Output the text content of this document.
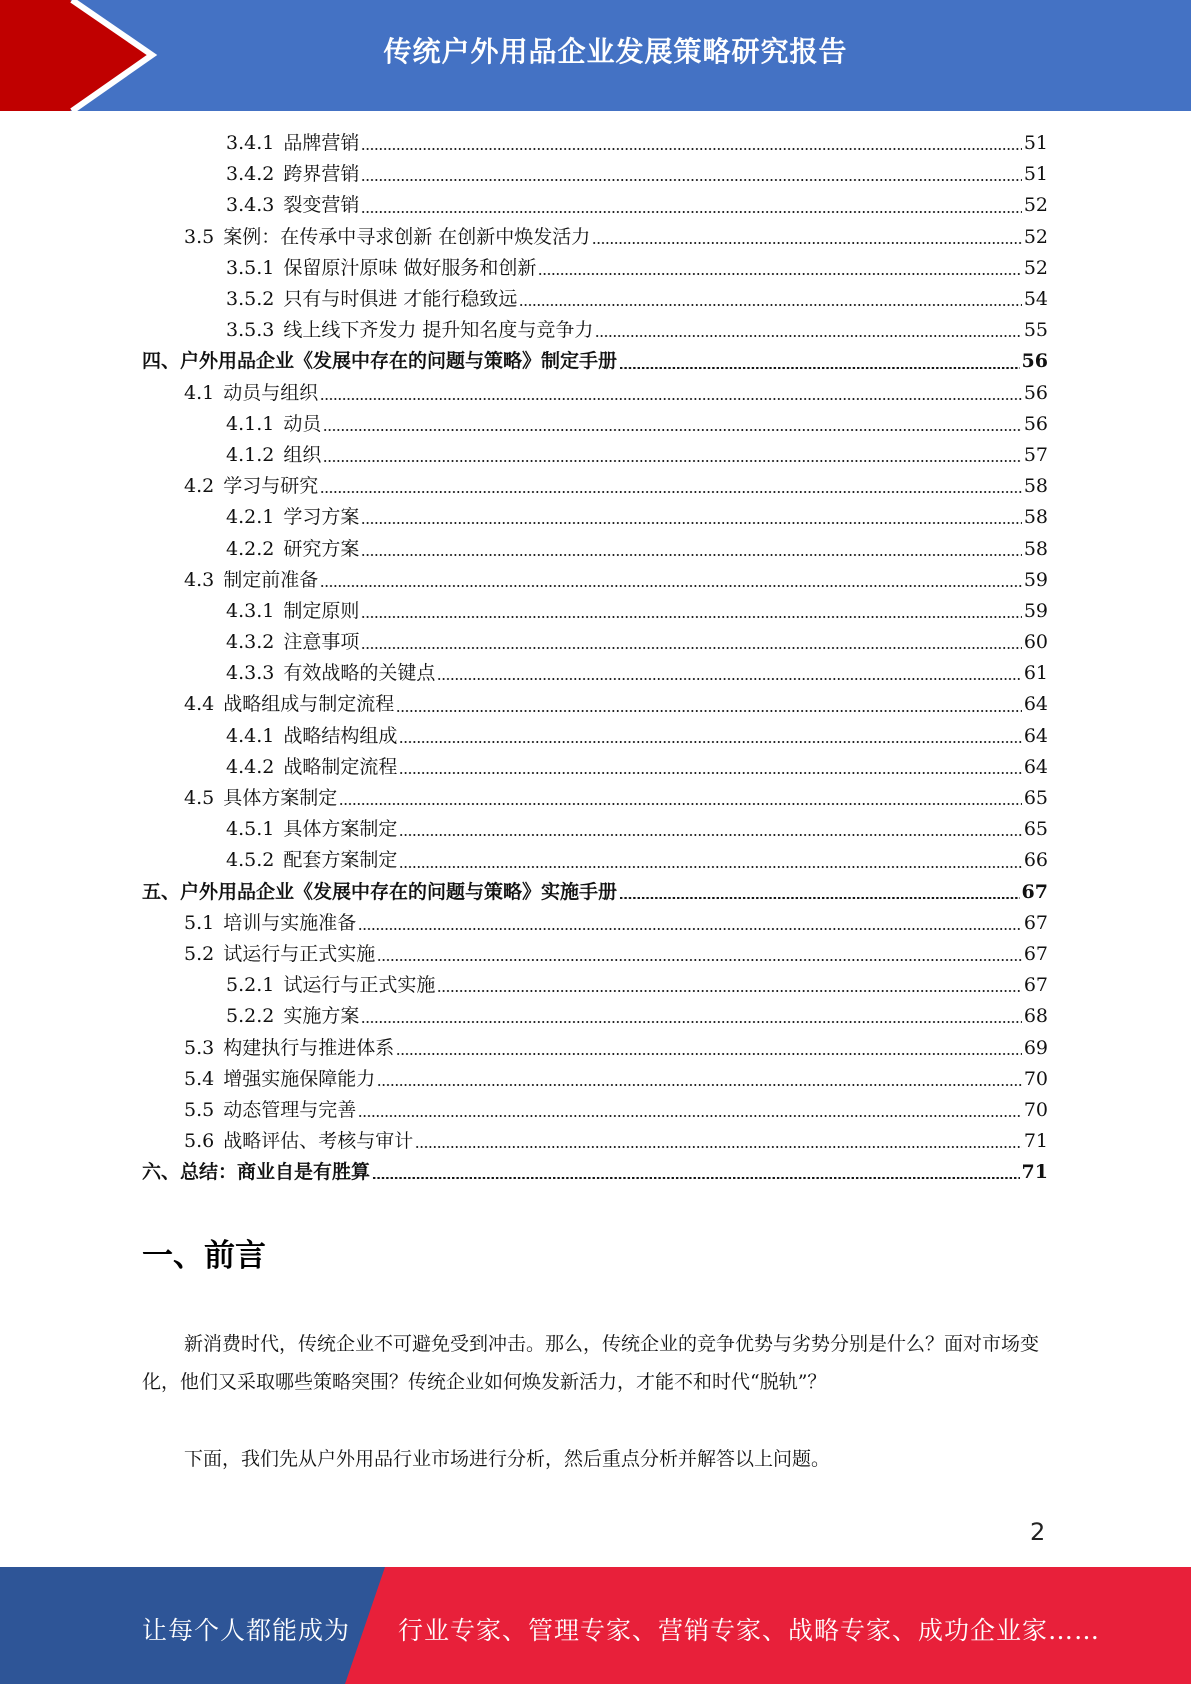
传统户外用品企业发展策略研究报告
3.4.1 品牌营销	51
3.4.2 跨界营销	51
3.4.3 裂变营销	52
3.5 案例：在传承中寻求创新 在创新中焕发活力	52
3.5.1 保留原汁原味 做好服务和创新	52
3.5.2 只有与时俱进 才能行稳致远	54
3.5.3 线上线下齐发力 提升知名度与竞争力	55
四、户外用品企业《发展中存在的问题与策略》制定手册	56
4.1 动员与组织	56
4.1.1 动员	56
4.1.2 组织	57
4.2 学习与研究	58
4.2.1 学习方案	58
4.2.2 研究方案	58
4.3 制定前准备	59
4.3.1 制定原则	59
4.3.2 注意事项	60
4.3.3 有效战略的关键点	61
4.4 战略组成与制定流程	64
4.4.1 战略结构组成	64
4.4.2 战略制定流程	64
4.5 具体方案制定	65
4.5.1 具体方案制定	65
4.5.2 配套方案制定	66
五、户外用品企业《发展中存在的问题与策略》实施手册	67
5.1 培训与实施准备	67
5.2 试运行与正式实施	67
5.2.1 试运行与正式实施	67
5.2.2 实施方案	68
5.3 构建执行与推进体系	69
5.4 增强实施保障能力	70
5.5 动态管理与完善	70
5.6 战略评估、考核与审计	71
六、总结：商业自是有胜算	71
一、前言
新消费时代，传统企业不可避免受到冲击。那么，传统企业的竞争优势与劣势分别是什么？面对市场变化，他们又采取哪些策略突围？传统企业如何焕发新活力，才能不和时代“脱轨”？
下面，我们先从户外用品行业市场进行分析，然后重点分析并解答以上问题。
2
让每个人都能成为 行业专家、管理专家、营销专家、战略专家、成功企业家……
